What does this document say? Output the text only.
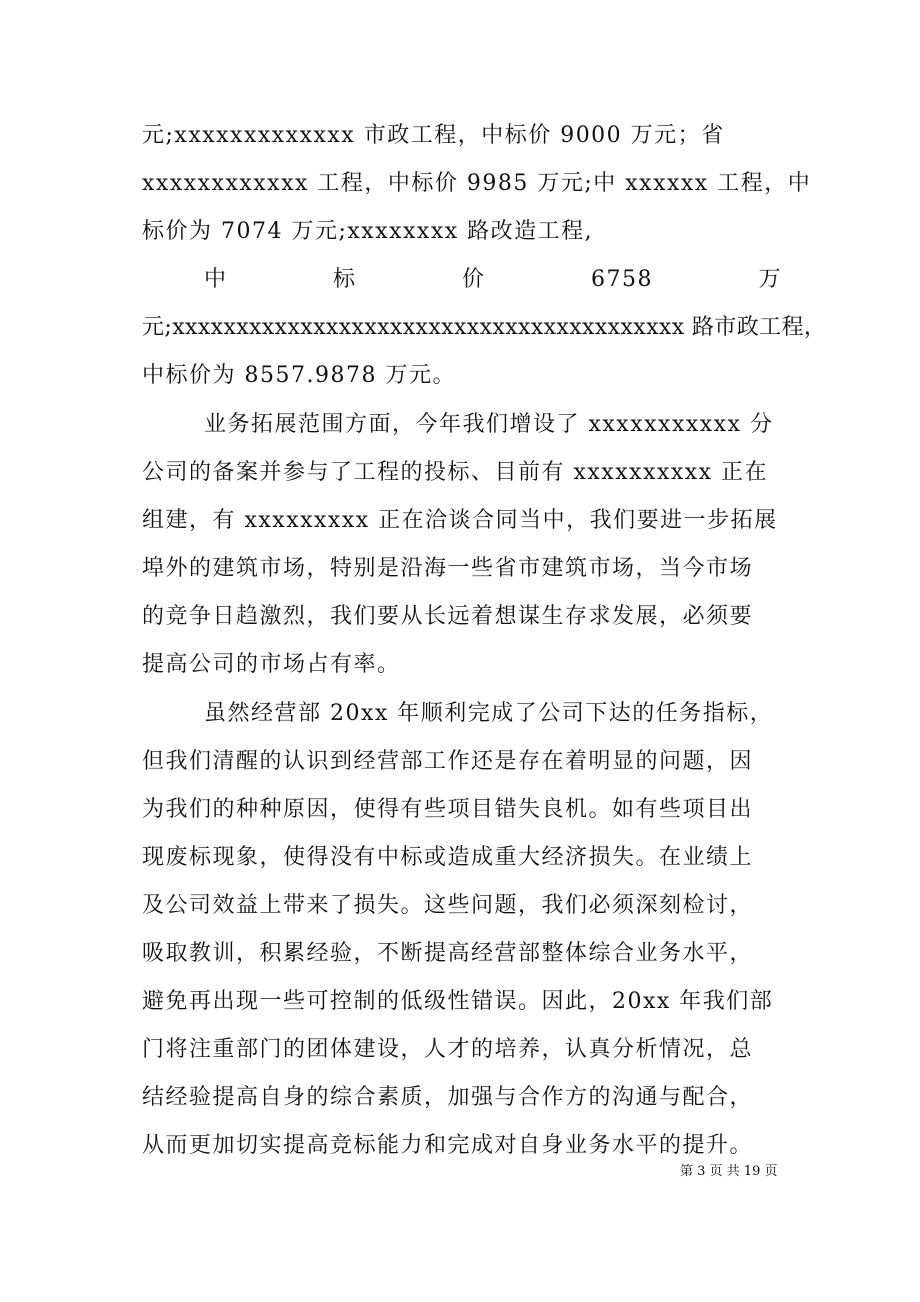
元;xxxxxxxxxxxxx 市政工程，中标价 9000 万元；省
xxxxxxxxxxxx 工程，中标价 9985 万元;中 xxxxxx 工程，中
标价为 7074 万元;xxxxxxxx 路改造工程,
中	标	价	6758	万
元;xxxxxxxxxxxxxxxxxxxxxxxxxxxxxxxxxxxxxxxx 路市政工程，
中标价为 8557.9878 万元。
业务拓展范围方面，今年我们增设了 xxxxxxxxxxx 分
公司的备案并参与了工程的投标、目前有 xxxxxxxxxx 正在
组建，有 xxxxxxxxx 正在洽谈合同当中，我们要进一步拓展
埠外的建筑市场，特别是沿海一些省市建筑市场，当今市场
的竞争日趋激烈，我们要从长远着想谋生存求发展，必须要
提高公司的市场占有率。
虽然经营部 20xx 年顺利完成了公司下达的任务指标，
但我们清醒的认识到经营部工作还是存在着明显的问题，因
为我们的种种原因，使得有些项目错失良机。如有些项目出
现废标现象，使得没有中标或造成重大经济损失。在业绩上
及公司效益上带来了损失。这些问题，我们必须深刻检讨，
吸取教训，积累经验，不断提高经营部整体综合业务水平，
避免再出现一些可控制的低级性错误。因此，20xx 年我们部
门将注重部门的团体建设，人才的培养，认真分析情况，总
结经验提高自身的综合素质，加强与合作方的沟通与配合，
从而更加切实提高竞标能力和完成对自身业务水平的提升。
第 3 页 共 19 页
